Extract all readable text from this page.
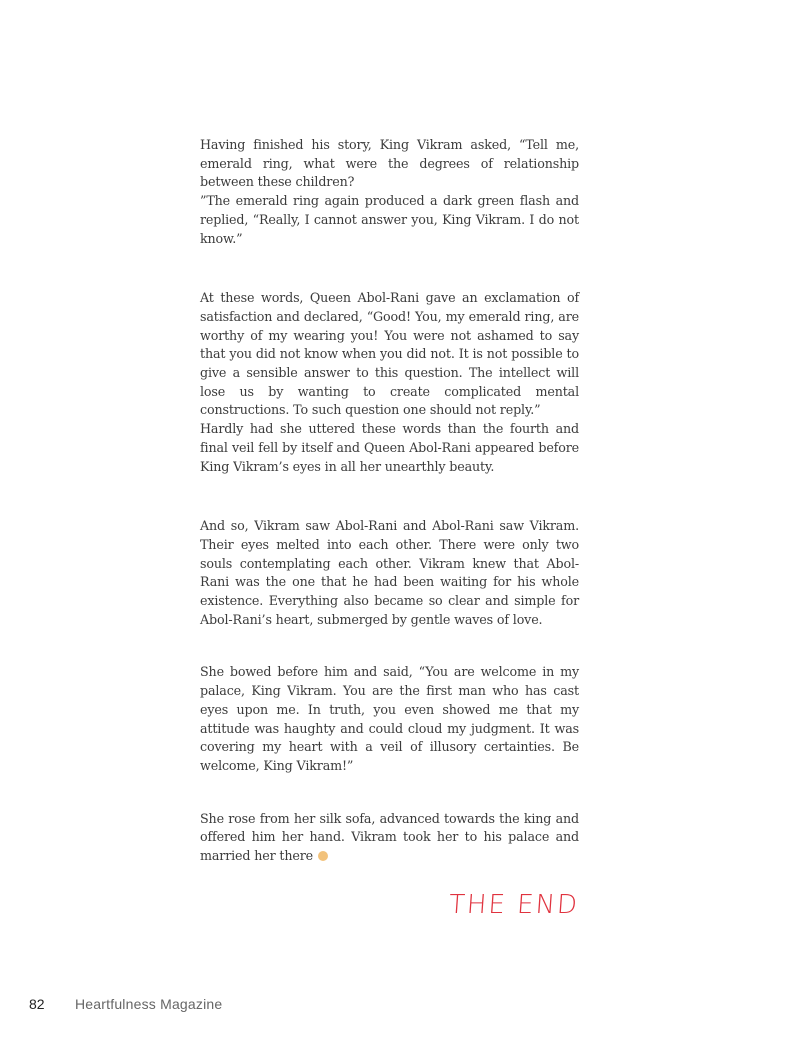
Having finished his story, King Vikram asked, “Tell me, emerald ring, what were the degrees of relationship between these children?

”The emerald ring again produced a dark green flash and replied, “Really, I cannot answer you, King Vikram. I do not know.”

At these words, Queen Abol-Rani gave an exclamation of satisfaction and declared, “Good! You, my emerald ring, are worthy of my wearing you! You were not ashamed to say that you did not know when you did not. It is not possible to give a sensible answer to this question. The intellect will lose us by wanting to create complicated mental constructions. To such question one should not reply.”

Hardly had she uttered these words than the fourth and final veil fell by itself and Queen Abol-Rani appeared before King Vikram’s eyes in all her unearthly beauty.

And so, Vikram saw Abol-Rani and Abol-Rani saw Vikram. Their eyes melted into each other. There were only two souls contemplating each other. Vikram knew that Abol-Rani was the one that he had been waiting for his whole existence. Everything also became so clear and simple for Abol-Rani’s heart, submerged by gentle waves of love.

She bowed before him and said, “You are welcome in my palace, King Vikram. You are the first man who has cast eyes upon me. In truth, you even showed me that my attitude was haughty and could cloud my judgment. It was covering my heart with a veil of illusory certainties. Be welcome, King Vikram!”

She rose from her silk sofa, advanced towards the king and offered him her hand. Vikram took her to his palace and married her there

THE END
82 Heartfulness Magazine
